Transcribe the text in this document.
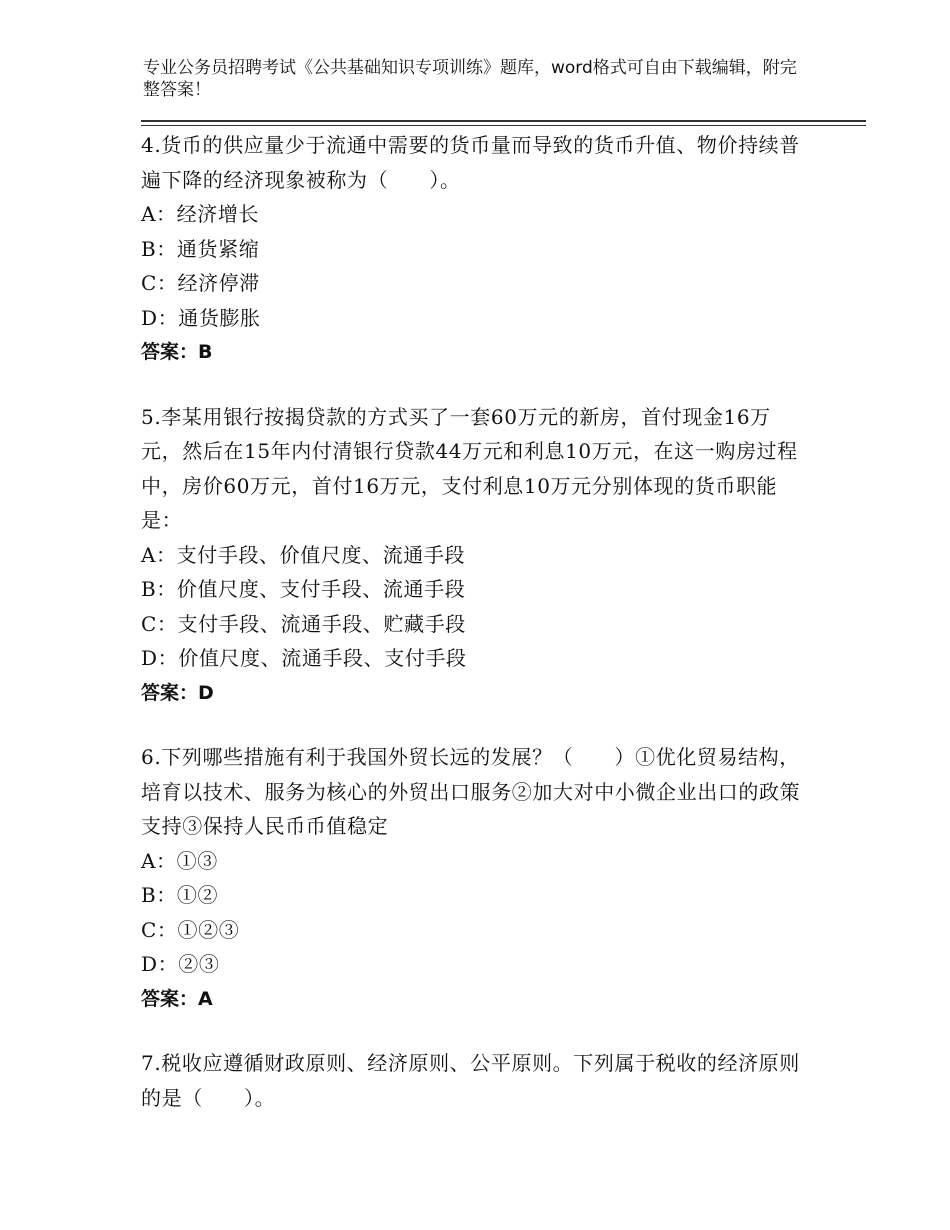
专业公务员招聘考试《公共基础知识专项训练》题库，word格式可自由下载编辑，附完整答案！

4.货币的供应量少于流通中需要的货币量而导致的货币升值、物价持续普遍下降的经济现象被称为（　　）。

A：经济增长

B：通货紧缩

C：经济停滞

D：通货膨胀

答案：B

5.李某用银行按揭贷款的方式买了一套60万元的新房，首付现金16万元，然后在15年内付清银行贷款44万元和利息10万元，在这一购房过程中，房价60万元，首付16万元，支付利息10万元分别体现的货币职能是：

A：支付手段、价值尺度、流通手段

B：价值尺度、支付手段、流通手段

C：支付手段、流通手段、贮藏手段

D：价值尺度、流通手段、支付手段

答案：D

6.下列哪些措施有利于我国外贸长远的发展？（　　）①优化贸易结构，培育以技术、服务为核心的外贸出口服务②加大对中小微企业出口的政策支持③保持人民币币值稳定

A：①③

B：①②

C：①②③

D：②③

答案：A

7.税收应遵循财政原则、经济原则、公平原则。下列属于税收的经济原则的是（　　）。
